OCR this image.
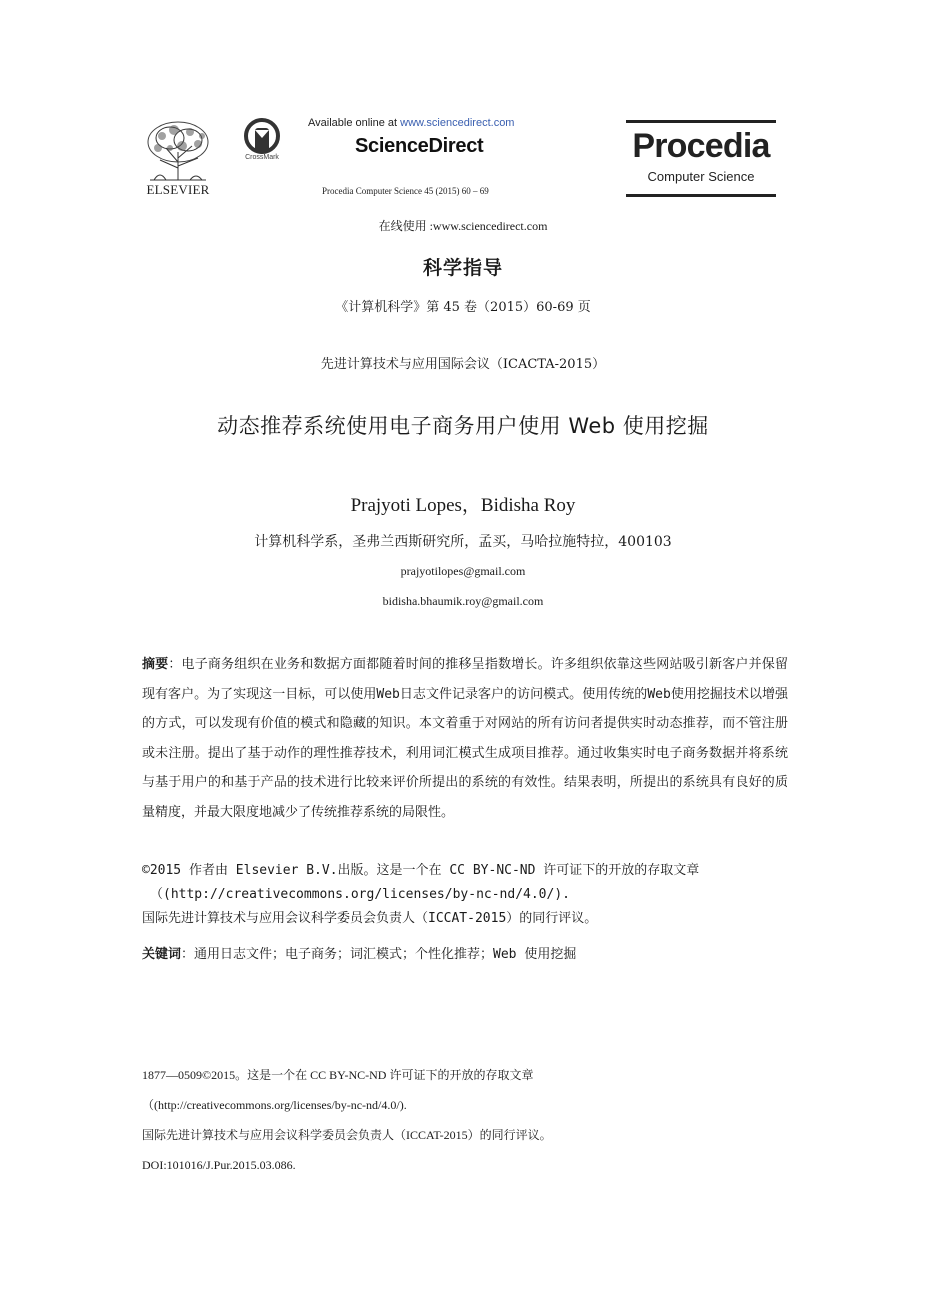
ELSEVIER
CrossMark
Available online at www.sciencedirect.com
ScienceDirect
Procedia Computer Science 45 (2015) 60 – 69
Procedia
Computer Science
在线使用 :www.sciencedirect.com
科学指导
《计算机科学》第 45 卷（2015）60-69 页
先进计算技术与应用国际会议（ICACTA-2015）
动态推荐系统使用电子商务用户使用 Web 使用挖掘
Prajyoti Lopes，Bidisha Roy
计算机科学系，圣弗兰西斯研究所，孟买，马哈拉施特拉，400103
prajyotilopes@gmail.com
bidisha.bhaumik.roy@gmail.com
摘要：电子商务组织在业务和数据方面都随着时间的推移呈指数增长。许多组织依靠这些网站吸引新客户并保留现有客户。为了实现这一目标，可以使用Web日志文件记录客户的访问模式。使用传统的Web使用挖掘技术以增强的方式，可以发现有价值的模式和隐藏的知识。本文着重于对网站的所有访问者提供实时动态推荐，而不管注册或未注册。提出了基于动作的理性推荐技术，利用词汇模式生成项目推荐。通过收集实时电子商务数据并将系统与基于用户的和基于产品的技术进行比较来评价所提出的系统的有效性。结果表明，所提出的系统具有良好的质量精度，并最大限度地减少了传统推荐系统的局限性。
©2015 作者由 Elsevier B.V.出版。这是一个在 CC BY-NC-ND 许可证下的开放的存取文章
（(http://creativecommons.org/licenses/by-nc-nd/4.0/).
国际先进计算技术与应用会议科学委员会负责人（ICCAT-2015）的同行评议。
关键词：通用日志文件；电子商务；词汇模式；个性化推荐；Web 使用挖掘
1877—0509©2015。这是一个在 CC BY-NC-ND 许可证下的开放的存取文章
（(http://creativecommons.org/licenses/by-nc-nd/4.0/).
国际先进计算技术与应用会议科学委员会负责人（ICCAT-2015）的同行评议。
DOI:101016/J.Pur.2015.03.086.
